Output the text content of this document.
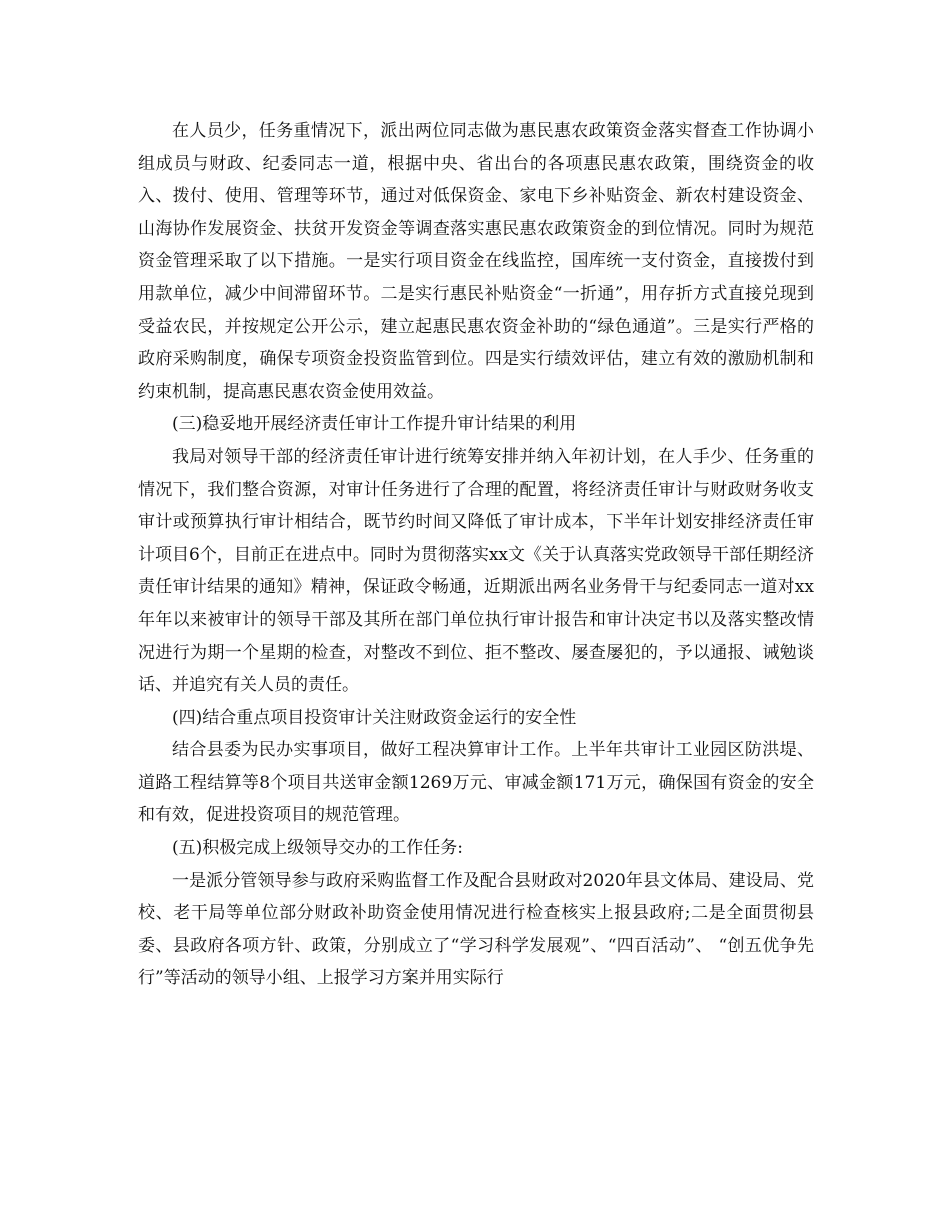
在人员少，任务重情况下，派出两位同志做为惠民惠农政策资金落实督查工作协调小组成员与财政、纪委同志一道，根据中央、省出台的各项惠民惠农政策，围绕资金的收入、拨付、使用、管理等环节，通过对低保资金、家电下乡补贴资金、新农村建设资金、山海协作发展资金、扶贫开发资金等调查落实惠民惠农政策资金的到位情况。同时为规范资金管理采取了以下措施。一是实行项目资金在线监控，国库统一支付资金，直接拨付到用款单位，减少中间滞留环节。二是实行惠民补贴资金“一折通”，用存折方式直接兑现到受益农民，并按规定公开公示，建立起惠民惠农资金补助的“绿色通道”。三是实行严格的政府采购制度，确保专项资金投资监管到位。四是实行绩效评估，建立有效的激励机制和约束机制，提高惠民惠农资金使用效益。

(三)稳妥地开展经济责任审计工作提升审计结果的利用

我局对领导干部的经济责任审计进行统筹安排并纳入年初计划，在人手少、任务重的情况下，我们整合资源，对审计任务进行了合理的配置，将经济责任审计与财政财务收支审计或预算执行审计相结合，既节约时间又降低了审计成本，下半年计划安排经济责任审计项目6个，目前正在进点中。同时为贯彻落实xx文《关于认真落实党政领导干部任期经济责任审计结果的通知》精神，保证政令畅通，近期派出两名业务骨干与纪委同志一道对xx年年以来被审计的领导干部及其所在部门单位执行审计报告和审计决定书以及落实整改情况进行为期一个星期的检查，对整改不到位、拒不整改、屡查屡犯的，予以通报、诫勉谈话、并追究有关人员的责任。

(四)结合重点项目投资审计关注财政资金运行的安全性

结合县委为民办实事项目，做好工程决算审计工作。上半年共审计工业园区防洪堤、道路工程结算等8个项目共送审金额1269万元、审减金额171万元，确保国有资金的安全和有效，促进投资项目的规范管理。

(五)积极完成上级领导交办的工作任务:

一是派分管领导参与政府采购监督工作及配合县财政对2020年县文体局、建设局、党校、老干局等单位部分财政补助资金使用情况进行检查核实上报县政府;二是全面贯彻县委、县政府各项方针、政策，分别成立了“学习科学发展观”、“四百活动”、 “创五优争先行”等活动的领导小组、上报学习方案并用实际行
